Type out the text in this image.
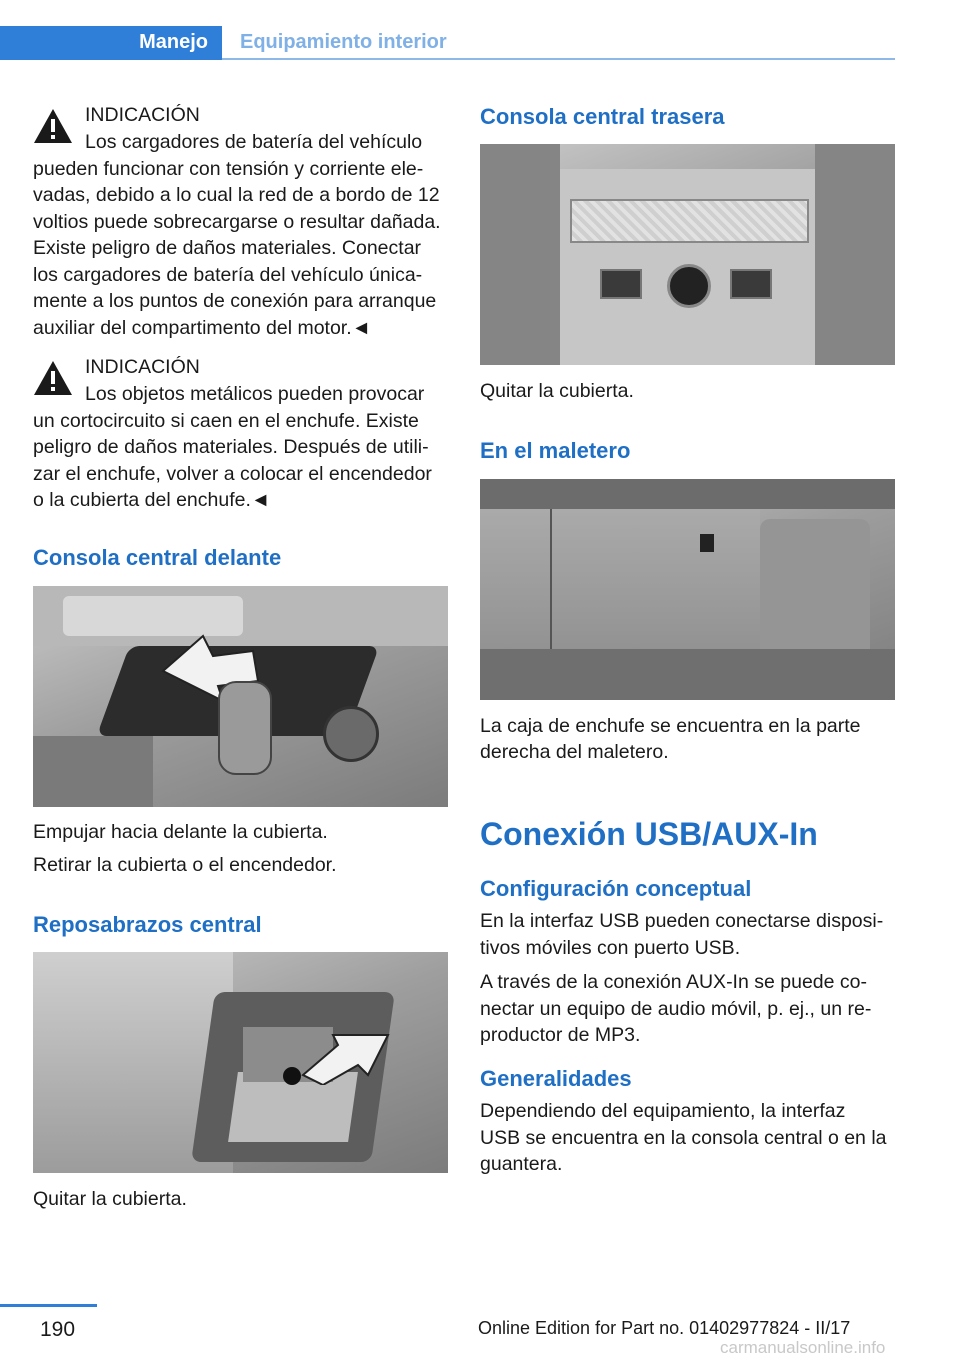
Manejo Equipamiento interior
INDICACIÓN

Los cargadores de batería del vehículo

pueden funcionar con tensión y corriente ele-

vadas, debido a lo cual la red de a bordo de 12

voltios puede sobrecargarse o resultar dañada.

Existe peligro de daños materiales. Conectar

los cargadores de batería del vehículo única-

mente a los puntos de conexión para arranque

auxiliar del compartimento del motor.◄

INDICACIÓN

Los objetos metálicos pueden provocar

un cortocircuito si caen en el enchufe. Existe

peligro de daños materiales. Después de utili-

zar el enchufe, volver a colocar el encendedor

o la cubierta del enchufe.◄

Consola central delante

Empujar hacia delante la cubierta.

Retirar la cubierta o el encendedor.

Reposabrazos central

Quitar la cubierta.

Consola central trasera

Quitar la cubierta.

En el maletero

La caja de enchufe se encuentra en la parte

derecha del maletero.

Conexión USB/AUX-In
Configuración conceptual

En la interfaz USB pueden conectarse disposi-

tivos móviles con puerto USB.

A través de la conexión AUX-In se puede co-

nectar un equipo de audio móvil, p. ej., un re-

productor de MP3.

Generalidades

Dependiendo del equipamiento, la interfaz

USB se encuentra en la consola central o en la

guantera.

190	Online Edition for Part no. 01402977824 - II/17
carmanualsonline.info
